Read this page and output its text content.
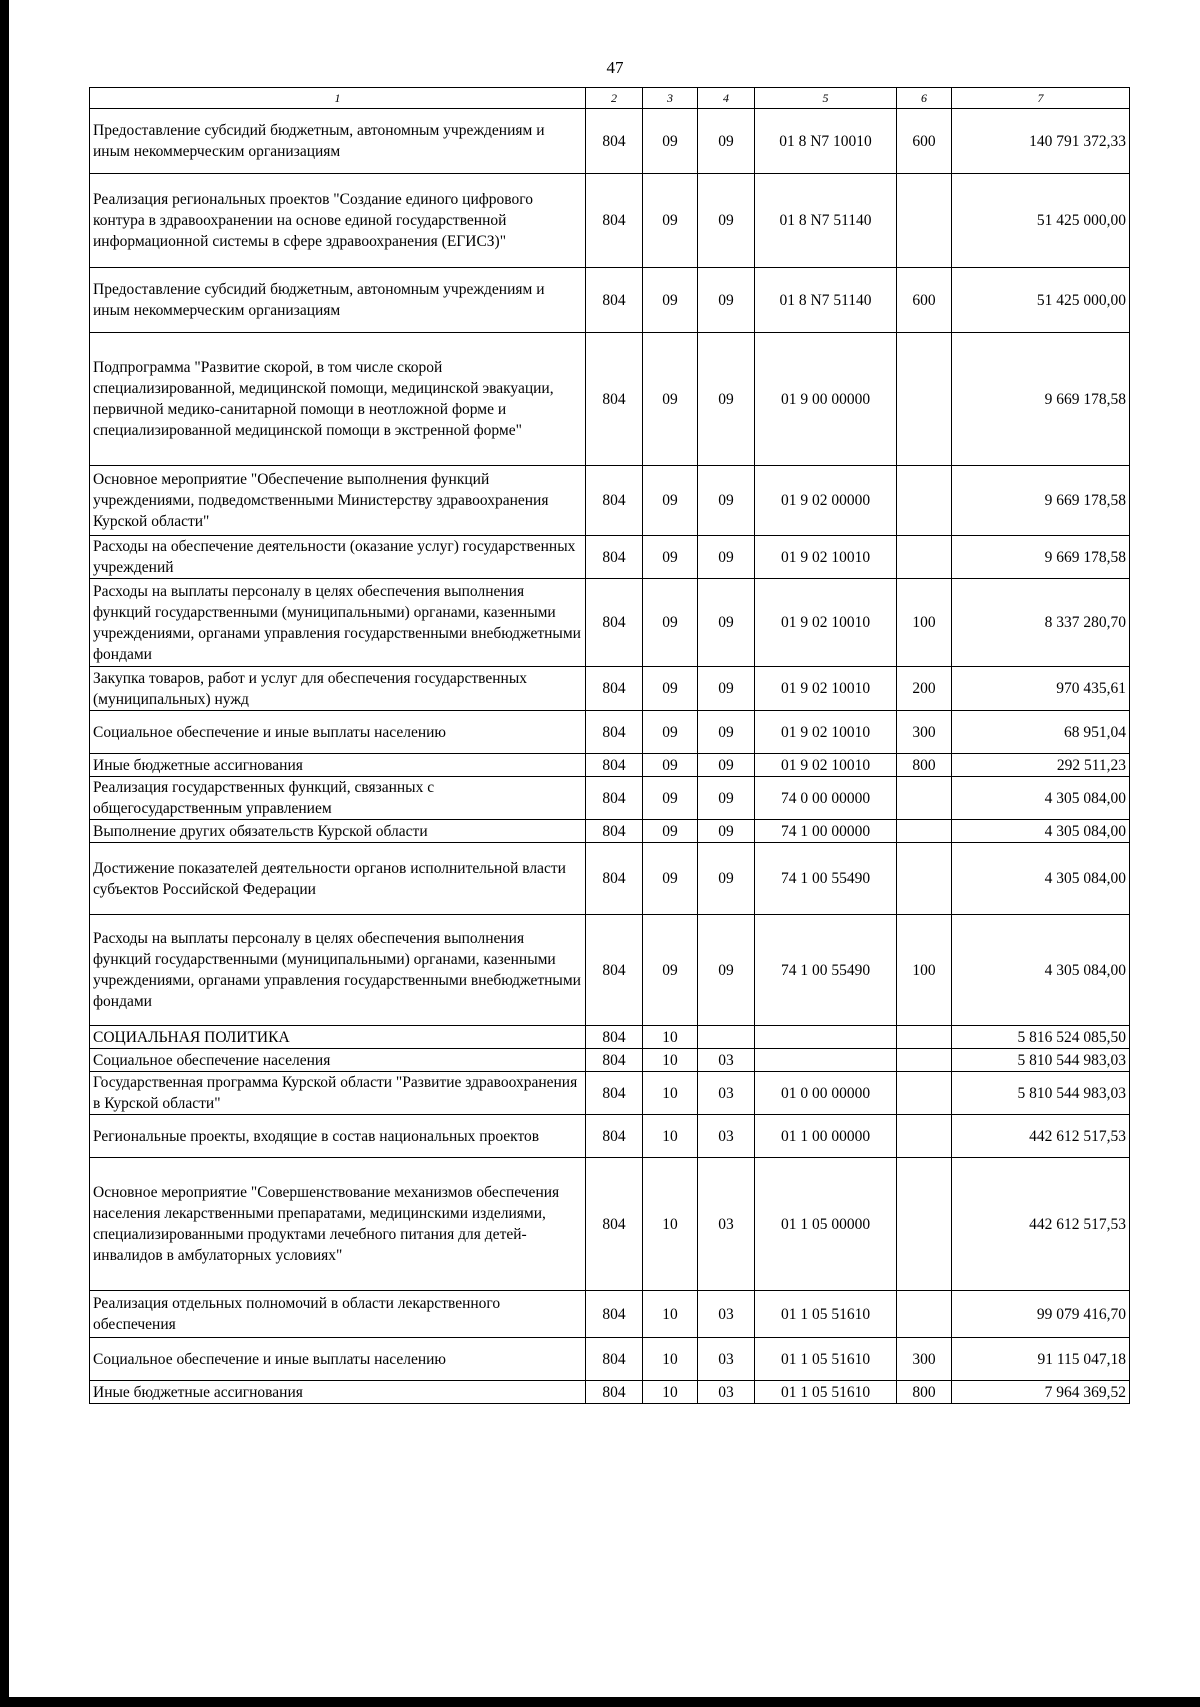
47
1	2	3	4	5	6	7
Предоставление субсидий бюджетным, автономным учреждениям и иным некоммерческим организациям	804	09	09	01 8 N7 10010	600	140 791 372,33
Реализация региональных проектов "Создание единого цифрового контура в здравоохранении на основе единой государственной информационной системы в сфере здравоохранения (ЕГИСЗ)"	804	09	09	01 8 N7 51140		51 425 000,00
Предоставление субсидий бюджетным, автономным учреждениям и иным некоммерческим организациям	804	09	09	01 8 N7 51140	600	51 425 000,00
Подпрограмма "Развитие скорой, в том числе скорой специализированной, медицинской помощи, медицинской эвакуации, первичной медико-санитарной помощи в неотложной форме и специализированной медицинской помощи в экстренной форме"	804	09	09	01 9 00 00000		9 669 178,58
Основное мероприятие "Обеспечение выполнения функций учреждениями, подведомственными Министерству здравоохранения Курской области"	804	09	09	01 9 02 00000		9 669 178,58
Расходы на обеспечение деятельности (оказание услуг) государственных учреждений	804	09	09	01 9 02 10010		9 669 178,58
Расходы на выплаты персоналу в целях обеспечения выполнения функций государственными (муниципальными) органами, казенными учреждениями, органами управления государственными внебюджетными фондами	804	09	09	01 9 02 10010	100	8 337 280,70
Закупка товаров, работ и услуг для обеспечения государственных (муниципальных) нужд	804	09	09	01 9 02 10010	200	970 435,61
Социальное обеспечение и иные выплаты населению	804	09	09	01 9 02 10010	300	68 951,04
Иные бюджетные ассигнования	804	09	09	01 9 02 10010	800	292 511,23
Реализация государственных функций, связанных с общегосударственным управлением	804	09	09	74 0 00 00000		4 305 084,00
Выполнение других обязательств Курской области	804	09	09	74 1 00 00000		4 305 084,00
Достижение показателей деятельности органов исполнительной власти субъектов Российской Федерации	804	09	09	74 1 00 55490		4 305 084,00
Расходы на выплаты персоналу в целях обеспечения выполнения функций государственными (муниципальными) органами, казенными учреждениями, органами управления государственными внебюджетными фондами	804	09	09	74 1 00 55490	100	4 305 084,00
СОЦИАЛЬНАЯ ПОЛИТИКА	804	10				5 816 524 085,50
Социальное обеспечение населения	804	10	03			5 810 544 983,03
Государственная программа Курской области "Развитие здравоохранения в Курской области"	804	10	03	01 0 00 00000		5 810 544 983,03
Региональные проекты, входящие в состав национальных проектов	804	10	03	01 1 00 00000		442 612 517,53
Основное мероприятие "Совершенствование механизмов обеспечения населения лекарственными препаратами, медицинскими изделиями, специализированными продуктами лечебного питания для детей-инвалидов в амбулаторных условиях"	804	10	03	01 1 05 00000		442 612 517,53
Реализация отдельных полномочий в области лекарственного обеспечения	804	10	03	01 1 05 51610		99 079 416,70
Социальное обеспечение и иные выплаты населению	804	10	03	01 1 05 51610	300	91 115 047,18
Иные бюджетные ассигнования	804	10	03	01 1 05 51610	800	7 964 369,52
